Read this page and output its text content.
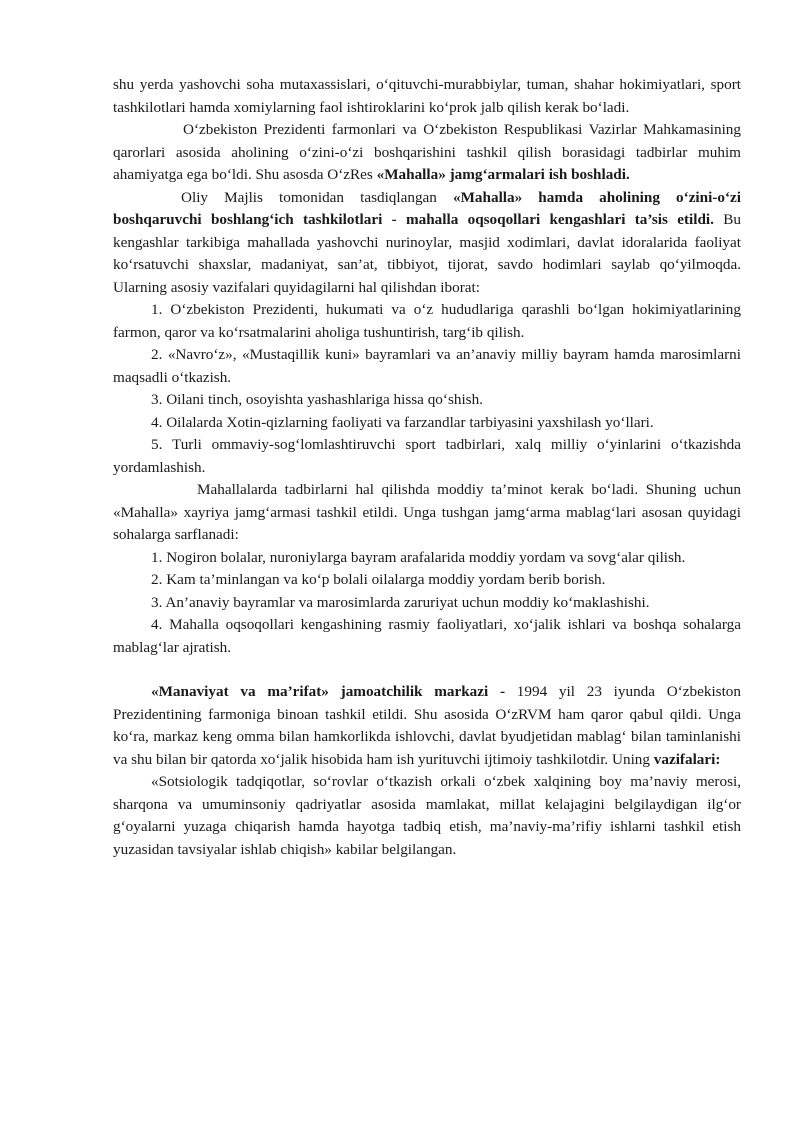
shu yerda yashovchi soha mutaxassislari, o‘qituvchi-murabbiylar, tuman, shahar hokimiyatlari, sport tashkilotlari hamda xomiylarning faol ishtiroklarini ko‘prok jalb qilish kerak bo‘ladi.

O‘zbekiston Prezidenti farmonlari va O‘zbekiston Respublikasi Vazirlar Mahkamasining qarorlari asosida aholining o‘zini-o‘zi boshqarishini tashkil qilish borasidagi tadbirlar muhim ahamiyatga ega bo‘ldi. Shu asosda O‘zRes «Mahalla» jamg‘armalari ish boshladi.

Oliy Majlis tomonidan tasdiqlangan «Mahalla» hamda aholining o‘zini-o‘zi boshqaruvchi boshlang‘ich tashkilotlari - mahalla oqsoqollari kengashlari ta’sis etildi. Bu kengashlar tarkibiga mahallada yashovchi nurinoylar, masjid xodimlari, davlat idoralarida faoliyat ko‘rsatuvchi shaxslar, madaniyat, san’at, tibbiyot, tijorat, savdo hodimlari saylab qo‘yilmoqda. Ularning asosiy vazifalari quyidagilarni hal qilishdan iborat:

1. O‘zbekiston Prezidenti, hukumati va o‘z hududlariga qarashli bo‘lgan hokimiyatlarining farmon, qaror va ko‘rsatmalarini aholiga tushuntirish, targ‘ib qilish.

2. «Navro‘z», «Mustaqillik kuni» bayramlari va an’anaviy milliy bayram hamda marosimlarni maqsadli o‘tkazish.

3. Oilani tinch, osoyishta yashashlariga hissa qo‘shish.

4. Oilalarda Xotin-qizlarning faoliyati va farzandlar tarbiyasini yaxshilash yo‘llari.

5. Turli ommaviy-sog‘lomlashtiruvchi sport tadbirlari, xalq milliy o‘yinlarini o‘tkazishda yordamlashish.

Mahallalarda tadbirlarni hal qilishda moddiy ta’minot kerak bo‘ladi. Shuning uchun «Mahalla» xayriya jamg‘armasi tashkil etildi. Unga tushgan jamg‘arma mablag‘lari asosan quyidagi sohalarga sarflanadi:

1. Nogiron bolalar, nuroniylarga bayram arafalarida moddiy yordam va sovg‘alar qilish.

2. Kam ta’minlangan va ko‘p bolali oilalarga moddiy yordam berib borish.

3. An’anaviy bayramlar va marosimlarda zaruriyat uchun moddiy ko‘maklashishi.

4. Mahalla oqsoqollari kengashining rasmiy faoliyatlari, xo‘jalik ishlari va boshqa sohalarga mablag‘lar ajratish.

«Manaviyat va ma’rifat» jamoatchilik markazi - 1994 yil 23 iyunda O‘zbekiston Prezidentining farmoniga binoan tashkil etildi. Shu asosida O‘zRVM ham qaror qabul qildi. Unga ko‘ra, markaz keng omma bilan hamkorlikda ishlovchi, davlat byudjetidan mablag‘ bilan taminlanishi va shu bilan bir qatorda xo‘jalik hisobida ham ish yurituvchi ijtimoiy tashkilotdir. Uning vazifalari:

«Sotsiologik tadqiqotlar, so‘rovlar o‘tkazish orkali o‘zbek xalqining boy ma’naviy merosi, sharqona va umuminsoniy qadriyatlar asosida mamlakat, millat kelajagini belgilaydigan ilg‘or g‘oyalarni yuzaga chiqarish hamda hayotga tadbiq etish, ma’naviy-ma’rifiy ishlarni tashkil etish yuzasidan tavsiyalar ishlab chiqish» kabilar belgilangan.
